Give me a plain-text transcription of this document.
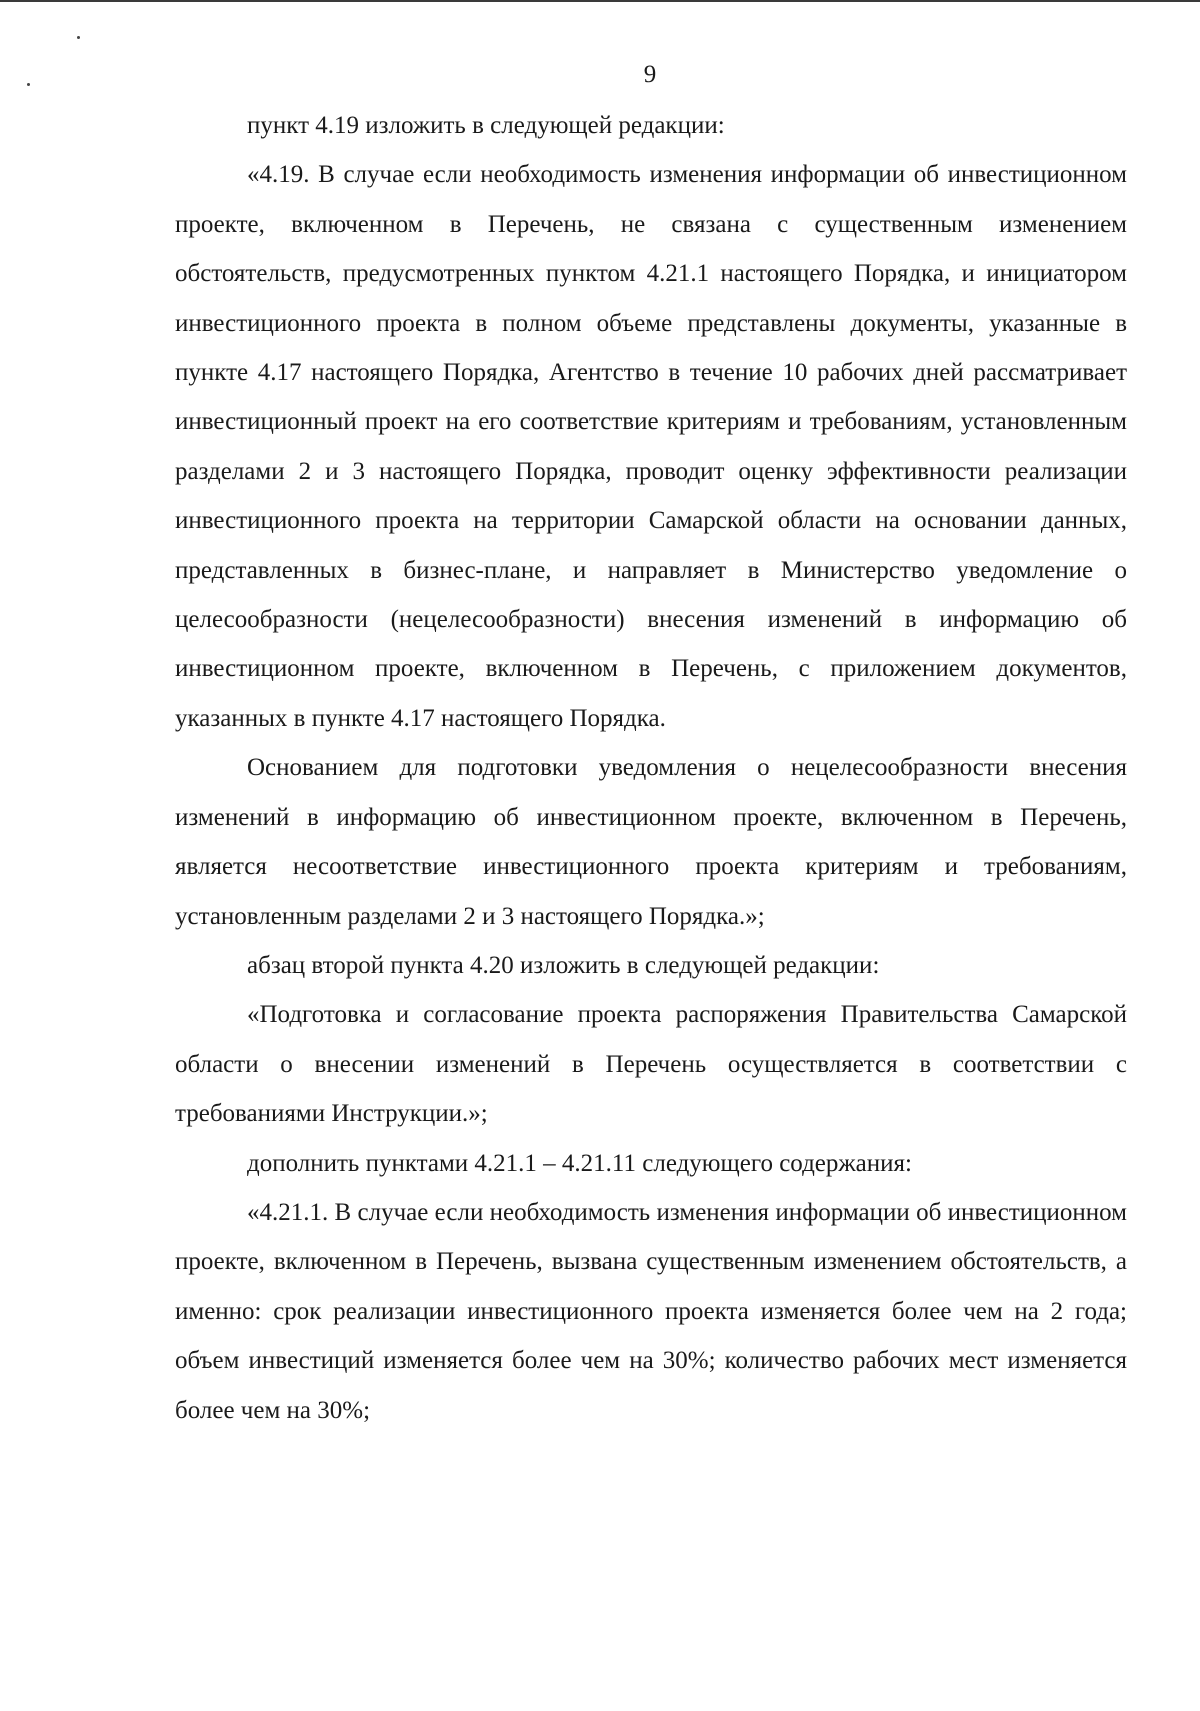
9

пункт 4.19 изложить в следующей редакции:

«4.19. В случае если необходимость изменения информации об инвестиционном проекте, включенном в Перечень, не связана с существенным изменением обстоятельств, предусмотренных пунктом 4.21.1 настоящего Порядка, и инициатором инвестиционного проекта в полном объеме представлены документы, указанные в пункте 4.17 настоящего Порядка, Агентство в течение 10 рабочих дней рассматривает инвестиционный проект на его соответствие критериям и требованиям, установленным разделами 2 и 3 настоящего Порядка, проводит оценку эффективности реализации инвестиционного проекта на территории Самарской области на основании данных, представленных в бизнес-плане, и направляет в Министерство уведомление о целесообразности (нецелесообразности) внесения изменений в информацию об инвестиционном проекте, включенном в Перечень, с приложением документов, указанных в пункте 4.17 настоящего Порядка.

Основанием для подготовки уведомления о нецелесообразности внесения изменений в информацию об инвестиционном проекте, включенном в Перечень, является несоответствие инвестиционного проекта критериям и требованиям, установленным разделами 2 и 3 настоящего Порядка.»;

абзац второй пункта 4.20 изложить в следующей редакции:

«Подготовка и согласование проекта распоряжения Правительства Самарской области о внесении изменений в Перечень осуществляется в соответствии с требованиями Инструкции.»;

дополнить пунктами 4.21.1 – 4.21.11 следующего содержания:

«4.21.1. В случае если необходимость изменения информации об инвестиционном проекте, включенном в Перечень, вызвана существенным изменением обстоятельств, а именно: срок реализации инвестиционного проекта изменяется более чем на 2 года; объем инвестиций изменяется более чем на 30%; количество рабочих мест изменяется более чем на 30%;
